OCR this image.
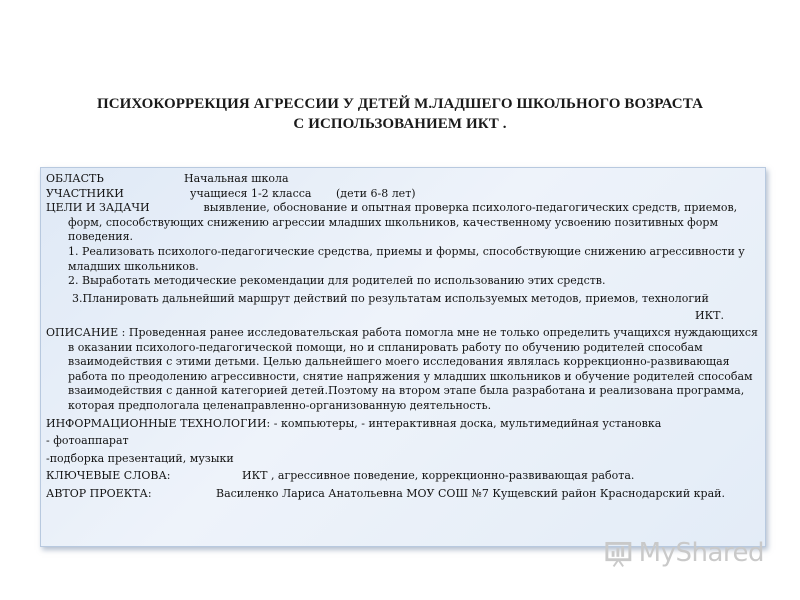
ПСИХОКОРРЕКЦИЯ АГРЕССИИ У ДЕТЕЙ М.ЛАДШЕГО ШКОЛЬНОГО ВОЗРАСТА
С ИСПОЛЬЗОВАНИЕМ ИКТ .
ОБЛАСТЬ	Начальная школа
УЧАСТНИКИ	учащиеся 1-2 класса (дети 6-8 лет)
ЦЕЛИ И ЗАДАЧИ	выявление, обоснование и опытная проверка психолого-педагогических средств, приемов, форм, способствующих снижению агрессии младших школьников, качественному усвоению позитивных форм поведения.
1. Реализовать психолого-педагогические средства, приемы и формы, способствующие снижению агрессивности у младших школьников.
2. Выработать методические рекомендации для родителей по использованию этих средств.
3.Планировать дальнейший маршрут действий по результатам используемых методов, приемов, технологий
ИКТ.
ОПИСАНИЕ : Проведенная ранее исследовательская работа помогла мне не только определить учащихся нуждающихся в оказании психолого-педагогической помощи, но и спланировать работу по обучению родителей способам взаимодействия с этими детьми. Целью дальнейшего моего исследования являлась коррекционно-развивающая работа по преодолению агрессивности, снятие напряжения у младших школьников и обучение родителей способам взаимодействия с данной категорией детей.Поэтому на втором этапе была разработана и реализована программа, которая предпологала целенаправленно-организованную деятельность.
ИНФОРМАЦИОННЫЕ ТЕХНОЛОГИИ: - компьютеры, - интерактивная доска, мультимедийная установка
- фотоаппарат
-подборка презентаций, музыки
КЛЮЧЕВЫЕ СЛОВА:	ИКТ , агрессивное поведение, коррекционно-развивающая работа.
АВТОР ПРОЕКТА:	Василенко Лариса Анатольевна МОУ СОШ №7 Кущевский район Краснодарский край.
MyShared
